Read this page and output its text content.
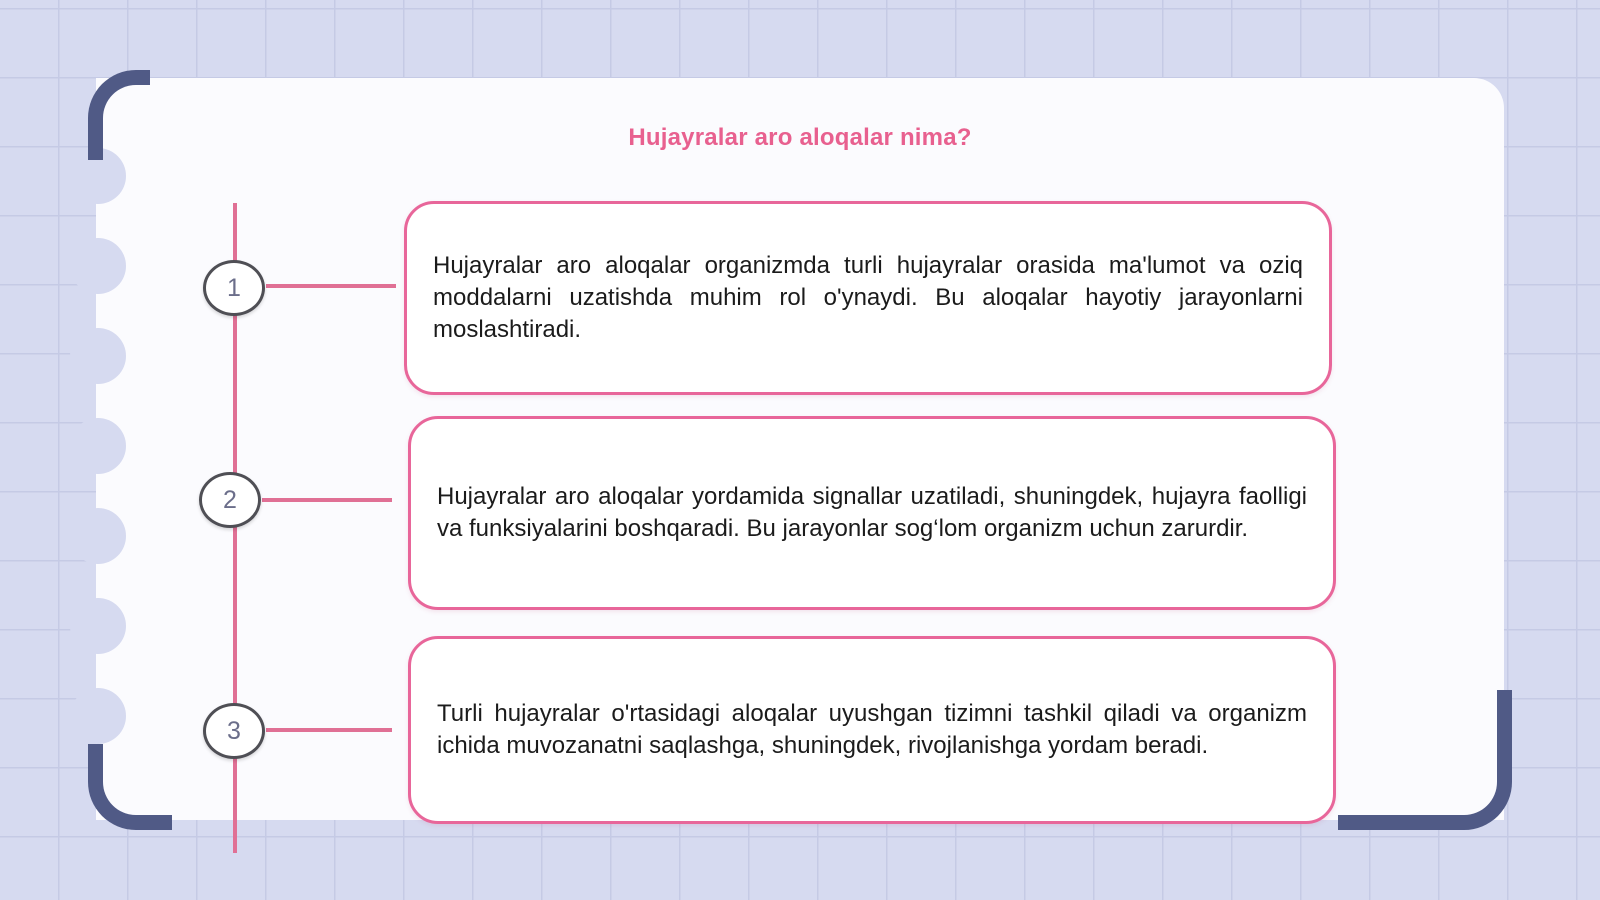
Hujayralar aro aloqalar nima?
1
2
3

Hujayralar aro aloqalar organizmda turli hujayralar orasida ma'lumot va oziq moddalarni uzatishda muhim rol o'ynaydi. Bu aloqalar hayotiy jarayonlarni moslashtiradi.

Hujayralar aro aloqalar yordamida signallar uzatiladi, shuningdek, hujayra faolligi va funksiyalarini boshqaradi. Bu jarayonlar sog‘lom organizm uchun zarurdir.

Turli hujayralar o'rtasidagi aloqalar uyushgan tizimni tashkil qiladi va organizm ichida muvozanatni saqlashga, shuningdek, rivojlanishga yordam beradi.
